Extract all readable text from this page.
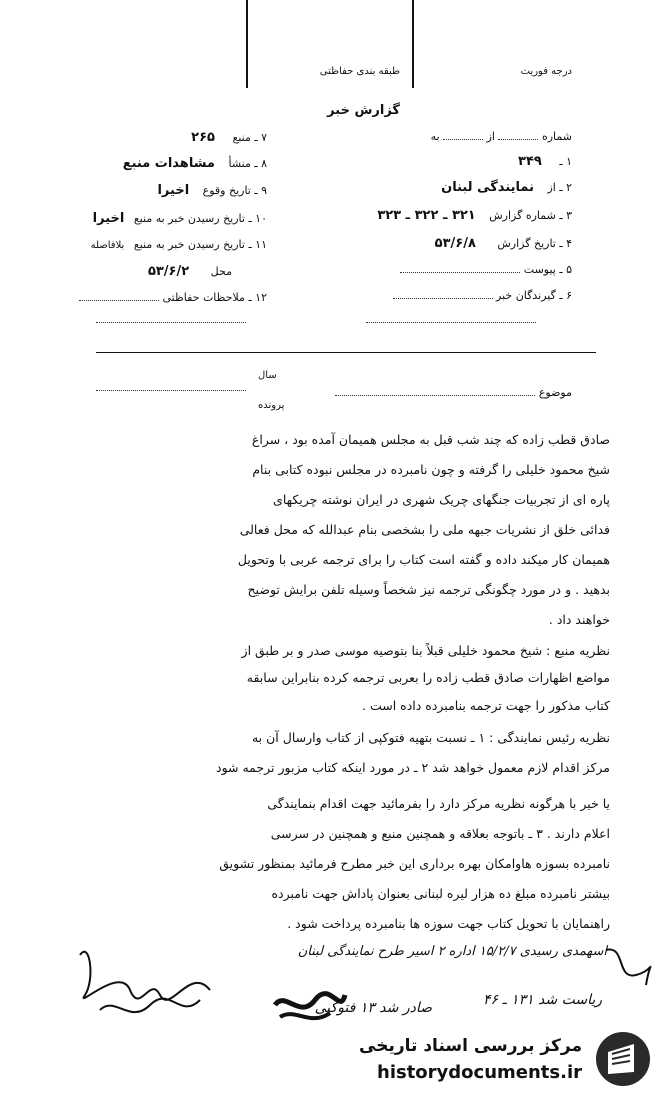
درجه فوریت
طبقه بندی حفاظتی
گزارش خبر
شماره  از  به
۱ ـ ۳۴۹
۲ ـ از نمایندگی لبنان
۳ ـ شماره گزارش ۳۲۱ ـ ۳۲۲ ـ ۳۲۳
۴ ـ تاریخ گزارش ۵۳/۶/۸
۵ ـ پیوست
۶ ـ گیرندگان خبر
۷ ـ منبع ۲۶۵
۸ ـ منشأ مشاهدات منبع
۹ ـ تاریخ وقوع اخیرا
۱۰ ـ تاریخ رسیدن خبر به منبع اخیرا
۱۱ ـ تاریخ رسیدن خبر به منبع بلافاصله
محل ۵۳/۶/۲
۱۲ ـ ملاحظات حفاظتی
سال
پرونده
موضوع
صادق قطب زاده که چند شب قبل به مجلس همیمان آمده بود ، سراغ
شیخ محمود خلیلی را گرفته و چون نامبرده در مجلس نبوده کتابی بنام
پاره ای از تجربیات جنگهای چریک شهری در ایران نوشته چریکهای
فدائی خلق از نشریات جبهه ملی را بشخصی بنام عبدالله که محل فعالی
همیمان کار میکند داده و گفته است کتاب را برای ترجمه عربی با وتحویل
بدهید . و در مورد چگونگی ترجمه نیز شخصاً وسیله تلفن برایش توضیح
خواهند داد .
نظریه منبع : شیخ محمود خلیلی قبلاً بنا بتوصیه موسی صدر و بر طبق از
مواضع اظهارات صادق قطب زاده را بعربی ترجمه کرده بنابراین سابقه
کتاب مذکور را جهت ترجمه بنامبرده داده است .
نظریه رئیس نمایندگی : ۱ ـ نسبت بتهیه فتوکپی از کتاب وارسال آن به
مرکز اقدام لازم معمول خواهد شد ۲ ـ در مورد اینکه کتاب مزبور ترجمه شود
یا خیر با هرگونه نظریه مرکز دارد را بفرمائید جهت اقدام بنمایندگی
اعلام دارند . ۳ ـ باتوجه بعلاقه و همچنین منبع و همچنین در سرسی
نامبرده بسوزه هاوامکان بهره برداری این خبر مطرح فرمائید بمنظور تشویق
بیشتر نامبرده مبلغ ده هزار لیره لبنانی بعنوان پاداش جهت نامبرده
راهنمایان با تحویل کتاب جهت سوزه ها بنامبرده پرداخت شود .
اسهمدی رسیدی ۱۵/۲/۷ اداره ۲ اسیر طرح نمایندگی لبنان
ریاست شد ۱۳۱ ـ ۴۶
صادر شد ۱۳ فتوکپی
مرکز بررسی اسناد تاریخی
historydocuments.ir
